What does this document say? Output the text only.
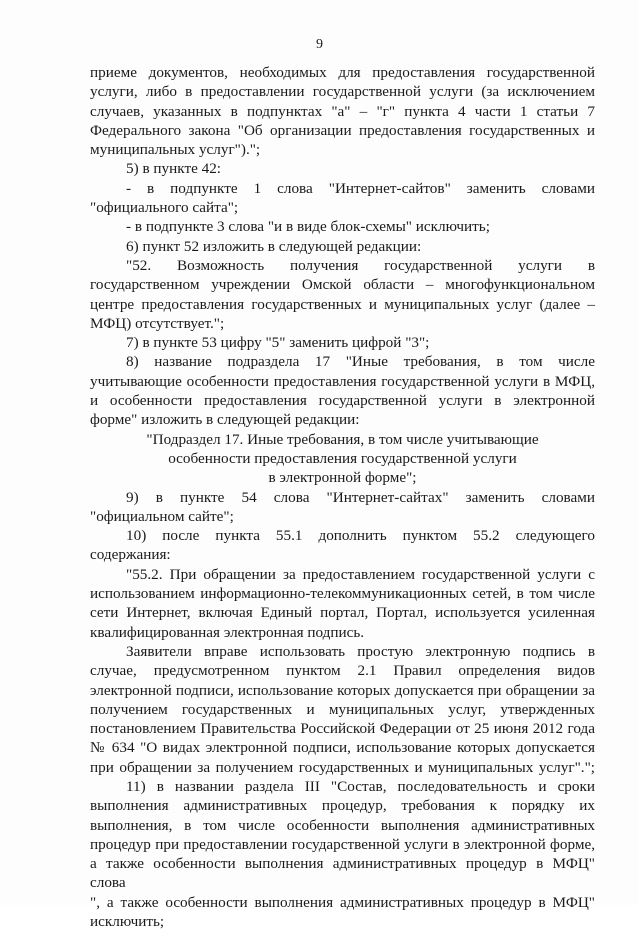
9
приеме документов, необходимых для предоставления государственной
услуги, либо в предоставлении государственной услуги (за исключением
случаев, указанных в подпунктах "а" – "г" пункта 4 части 1 статьи 7
Федерального закона "Об организации предоставления государственных и
муниципальных услуг").";
5) в пункте 42:
- в подпункте 1 слова "Интернет-сайтов" заменить словами
"официального сайта";
- в подпункте 3 слова "и в виде блок-схемы" исключить;
6) пункт 52 изложить в следующей редакции:
"52. Возможность получения государственной услуги в
государственном учреждении Омской области – многофункциональном
центре предоставления государственных и муниципальных услуг (далее –
МФЦ) отсутствует.";
7) в пункте 53 цифру "5" заменить цифрой "3";
8) название подраздела 17 "Иные требования, в том числе
учитывающие особенности предоставления государственной услуги в МФЦ,
и особенности предоставления государственной услуги в электронной
форме" изложить в следующей редакции:
"Подраздел 17. Иные требования, в том числе учитывающие
особенности предоставления государственной услуги
в электронной форме";
9) в пункте 54 слова "Интернет-сайтах" заменить словами
"официальном сайте";
10) после пункта 55.1 дополнить пунктом 55.2 следующего
содержания:
"55.2. При обращении за предоставлением государственной услуги с
использованием информационно-телекоммуникационных сетей, в том числе
сети Интернет, включая Единый портал, Портал, используется усиленная
квалифицированная электронная подпись.
Заявители вправе использовать простую электронную подпись в
случае, предусмотренном пунктом 2.1 Правил определения видов
электронной подписи, использование которых допускается при обращении за
получением государственных и муниципальных услуг, утвержденных
постановлением Правительства Российской Федерации от 25 июня 2012 года
№ 634 "О видах электронной подписи, использование которых допускается
при обращении за получением государственных и муниципальных услуг".";
11) в названии раздела III "Состав, последовательность и сроки
выполнения административных процедур, требования к порядку их
выполнения, в том числе особенности выполнения административных
процедур при предоставлении государственной услуги в электронной форме,
а также особенности выполнения административных процедур в МФЦ" слова
", а также особенности выполнения административных процедур в МФЦ"
исключить;
